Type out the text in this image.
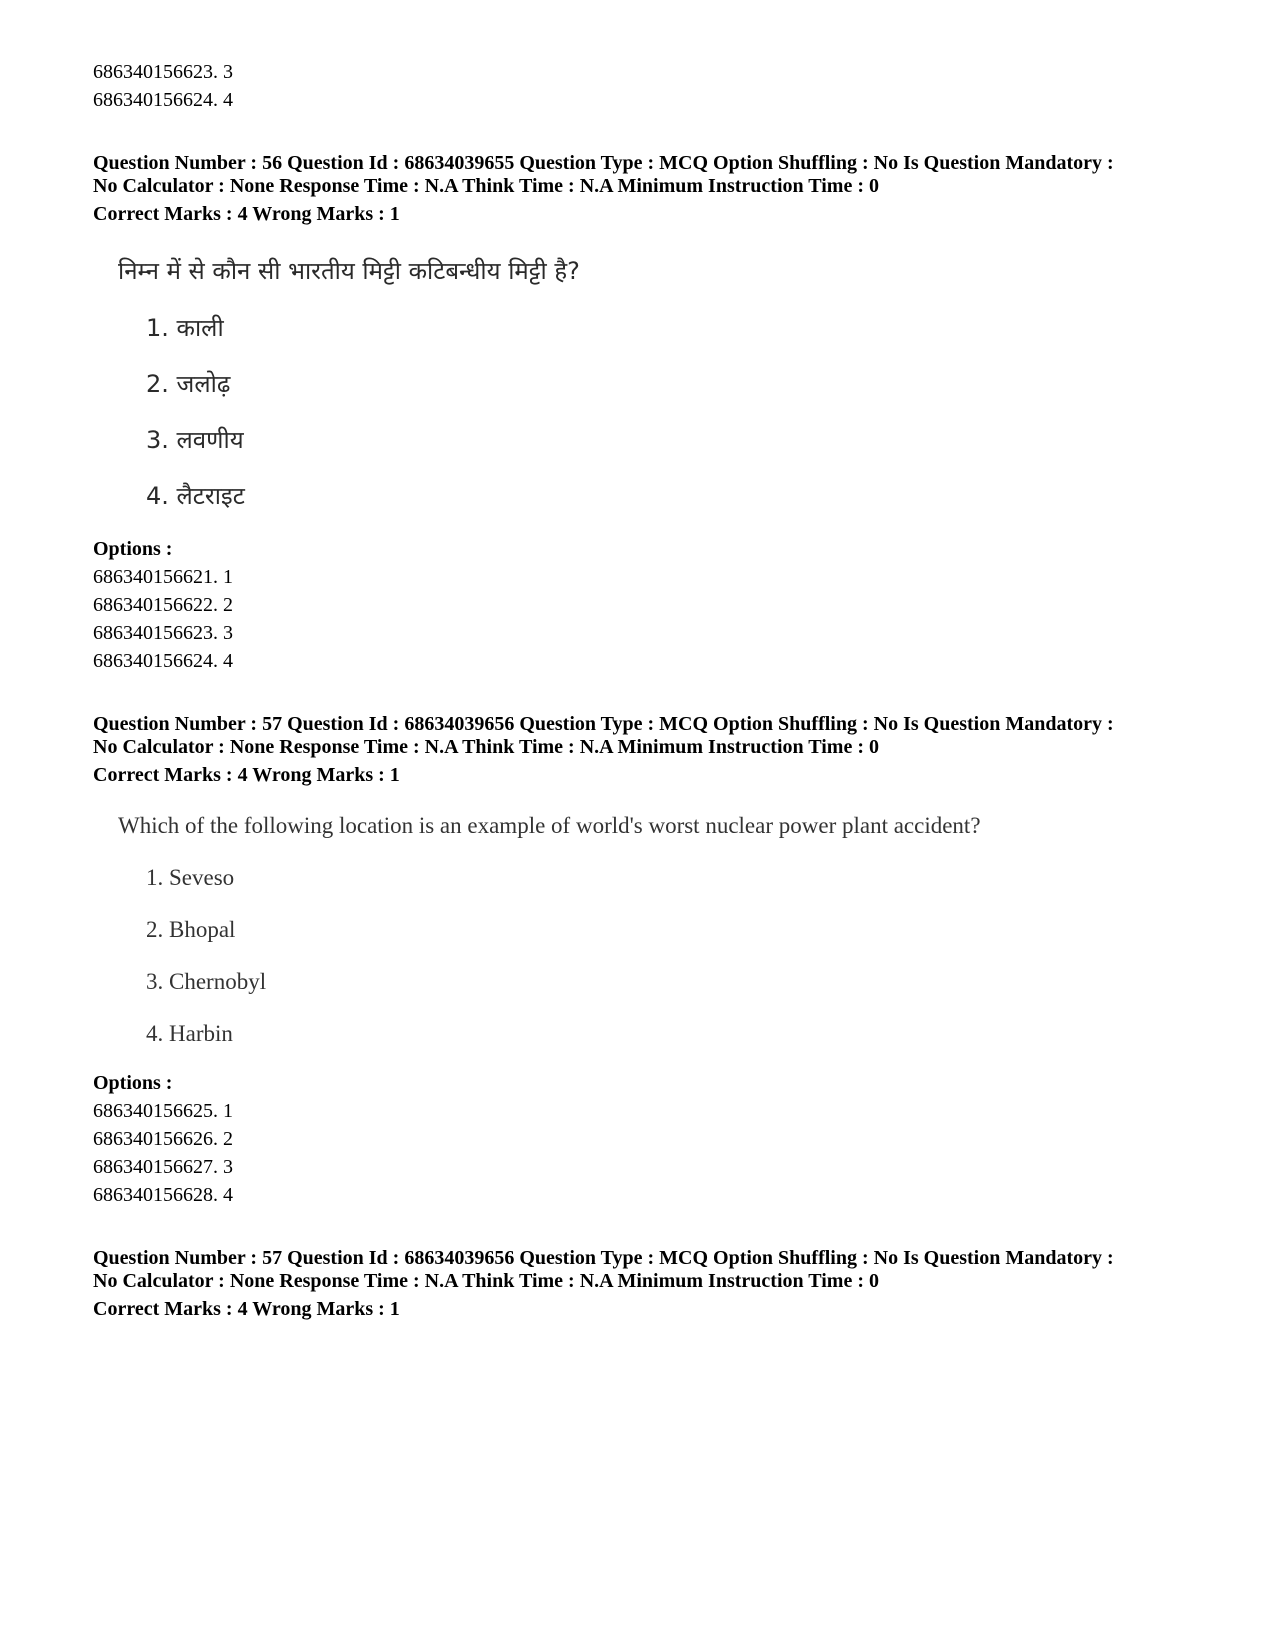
686340156623. 3
686340156624. 4
Question Number : 56 Question Id : 68634039655 Question Type : MCQ Option Shuffling : No Is Question Mandatory :
No Calculator : None Response Time : N.A Think Time : N.A Minimum Instruction Time : 0
Correct Marks : 4 Wrong Marks : 1
निम्न में से कौन सी भारतीय मिट्टी कटिबन्धीय मिट्टी है?
1. काली
2. जलोढ़
3. लवणीय
4. लैटराइट
Options :
686340156621. 1
686340156622. 2
686340156623. 3
686340156624. 4
Question Number : 57 Question Id : 68634039656 Question Type : MCQ Option Shuffling : No Is Question Mandatory :
No Calculator : None Response Time : N.A Think Time : N.A Minimum Instruction Time : 0
Correct Marks : 4 Wrong Marks : 1
Which of the following location is an example of world's worst nuclear power plant accident?
1. Seveso
2. Bhopal
3. Chernobyl
4. Harbin
Options :
686340156625. 1
686340156626. 2
686340156627. 3
686340156628. 4
Question Number : 57 Question Id : 68634039656 Question Type : MCQ Option Shuffling : No Is Question Mandatory :
No Calculator : None Response Time : N.A Think Time : N.A Minimum Instruction Time : 0
Correct Marks : 4 Wrong Marks : 1
